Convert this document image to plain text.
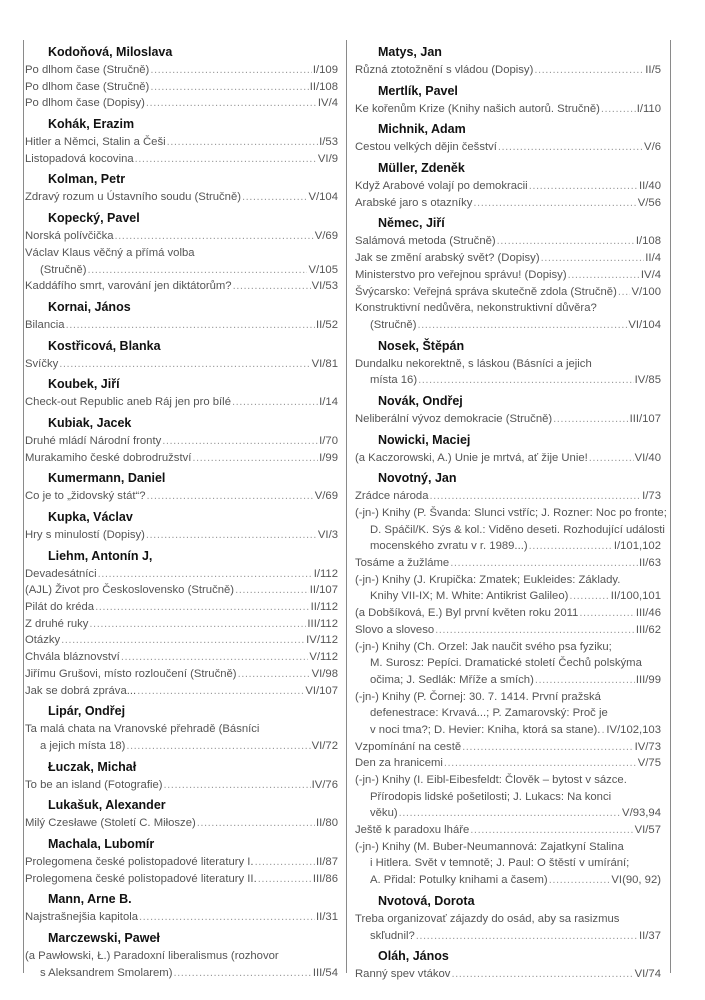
Kodoňová, Miloslava
Po dlhom čase (Stručně) .....	I/109
Po dlhom čase (Stručně) .....	II/108
Po dlhom čase (Dopisy) .....	IV/4
Kohák, Erazim
Hitler a Němci, Stalin a Češi .....	I/53
Listopadová kocovina .....	VI/9
Kolman, Petr
Zdravý rozum u Ústavního soudu (Stručně) .....	V/104
Kopecký, Pavel
Norská polívčička .....	V/69
Václav Klaus věčný a přímá volba
(Stručně) .....	V/105
Kaddáfího smrt, varování jen diktátorům? .....	VI/53
Kornai, János
Bilancia .....	II/52
Kostřicová, Blanka
Svíčky .....	VI/81
Koubek, Jiří
Check-out Republic aneb Ráj jen pro bílé .....	I/14
Kubiak, Jacek
Druhé mládí Národní fronty .....	I/70
Murakamiho české dobrodružství .....	I/99
Kumermann, Daniel
Co je to „židovský stát“? .....	V/69
Kupka, Václav
Hry s minulostí (Dopisy) .....	VI/3
Liehm, Antonín J,
Devadesátníci .....	I/112
(AJL) Život pro Československo (Stručně) .....	II/107
Pilát do kréda .....	II/112
Z druhé ruky .....	III/112
Otázky .....	IV/112
Chvála bláznovství .....	V/112
Jiřímu Grušovi, místo rozloučení (Stručně) .....	VI/98
Jak se dobrá zpráva... .....	VI/107
Lipár, Ondřej
Ta malá chata na Vranovské přehradě (Básníci
a jejich místa 18) .....	VI/72
Łuczak, Michał
To be an island (Fotografie) .....	IV/76
Lukašuk, Alexander
Milý Czesławe (Století C. Miłosze) .....	II/80
Machala, Lubomír
Prolegomena české polistopadové literatury I. .....	II/87
Prolegomena české polistopadové literatury II. .....	III/86
Mann, Arne B.
Najstrašnejšia kapitola .....	II/31
Marczewski, Paweł
(a Pawłowski, Ł.) Paradoxní liberalismus (rozhovor
s Aleksandrem Smolarem) .....	III/54
Matys, Jan
Různá ztotožnění s vládou (Dopisy) .....	II/5
Mertlík, Pavel
Ke kořenům Krize (Knihy našich autorů. Stručně) .....	I/110
Michnik, Adam
Cestou velkých dějin češství .....	V/6
Müller, Zdeněk
Když Arabové volají po demokracii .....	II/40
Arabské jaro s otazníky .....	V/56
Němec, Jiří
Salámová metoda (Stručně) .....	I/108
Jak se změní arabský svět? (Dopisy) .....	II/4
Ministerstvo pro veřejnou správu! (Dopisy) .....	IV/4
Švýcarsko: Veřejná správa skutečně zdola (Stručně) ..... V/100
Konstruktivní nedůvěra, nekonstruktivní důvěra?
(Stručně) .....	VI/104
Nosek, Štěpán
Dundalku nekorektně, s láskou (Básníci a jejich
místa 16) .....	IV/85
Novák, Ondřej
Neliberální vývoz demokracie (Stručně) .....	III/107
Nowicki, Maciej
(a Kaczorowski, A.) Unie je mrtvá, ať žije Unie! .....	VI/40
Novotný, Jan
Zrádce národa .....	I/73
(-jn-) Knihy (P. Švanda: Slunci vstříc; J. Rozner: Noc po fronte;
D. Spáčil/K. Sýs & kol.: Viděno deseti. Rozhodující události
mocenského zvratu v r. 1989...) .....	I/101,102
Tosáme a žužláme .....	II/63
(-jn-) Knihy (J. Krupička: Zmatek; Eukleides: Základy.
Knihy VII-IX; M. White: Antikrist Galileo) .....	II/100,101
(a Dobšíková, E.) Byl první květen roku 2011 .....	III/46
Slovo a sloveso .....	III/62
(-jn-) Knihy (Ch. Orzel: Jak naučit svého psa fyziku;
M. Surosz: Pepíci. Dramatické století Čechů polskýma
očima; J. Sedlák: Mříže a smích) .....	III/99
(-jn-) Knihy (P. Čornej: 30. 7. 1414. První pražská
defenestrace: Krvavá...; P. Zamarovský: Proč je
v noci tma?; D. Hevier: Kniha, ktorá sa stane). ..... IV/102,103
Vzpomínání na cestě .....	IV/73
Den za hranicemi .....	V/75
(-jn-) Knihy (I. Eibl-Eibesfeldt: Člověk – bytost v sázce.
Přírodopis lidské pošetilosti; J. Lukacs: Na konci
věku) .....	V/93,94
Ještě k paradoxu lháře .....	VI/57
(-jn-) Knihy (M. Buber-Neumannová: Zajatkyní Stalina
i Hitlera. Svět v temnotě; J. Paul: O štěstí v umírání;
A. Přidal: Potulky knihami a časem) .....	VI(90, 92)
Nvotová, Dorota
Treba organizovať zájazdy do osád, aby sa rasizmus
skľudnil? .....	II/37
Oláh, János
Ranný spev vtákov .....	VI/74
